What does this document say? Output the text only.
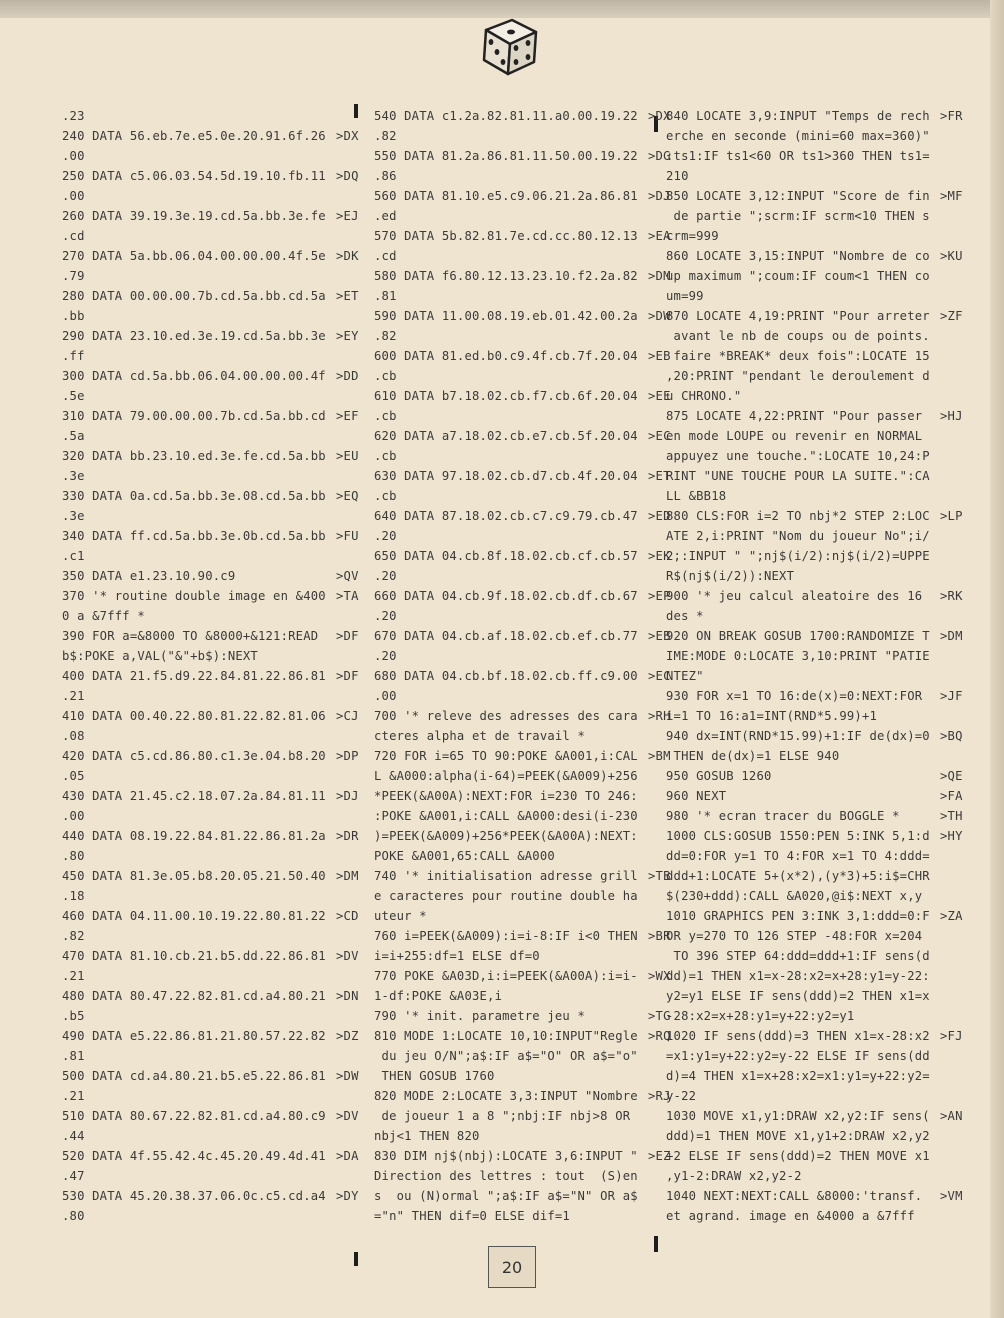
.23
240 DATA 56.eb.7e.e5.0e.20.91.6f.26 >DX
.00
250 DATA c5.06.03.54.5d.19.10.fb.11 >DQ
.00
260 DATA 39.19.3e.19.cd.5a.bb.3e.fe >EJ
.cd
270 DATA 5a.bb.06.04.00.00.00.4f.5e >DK
.79
280 DATA 00.00.00.7b.cd.5a.bb.cd.5a >ET
.bb
290 DATA 23.10.ed.3e.19.cd.5a.bb.3e >EY
.ff
300 DATA cd.5a.bb.06.04.00.00.00.4f >DD
.5e
310 DATA 79.00.00.00.7b.cd.5a.bb.cd >EF
.5a
320 DATA bb.23.10.ed.3e.fe.cd.5a.bb >EU
.3e
330 DATA 0a.cd.5a.bb.3e.08.cd.5a.bb >EQ
.3e
340 DATA ff.cd.5a.bb.3e.0b.cd.5a.bb >FU
.c1
350 DATA e1.23.10.90.c9	>QV
370 '* routine double image en &400 >TA
0 a &7fff *
390 FOR a=&8000 TO &8000+&121:READ >DF
b$:POKE a,VAL("&"+b$):NEXT
400 DATA 21.f5.d9.22.84.81.22.86.81 >DF
.21
410 DATA 00.40.22.80.81.22.82.81.06 >CJ
.08
420 DATA c5.cd.86.80.c1.3e.04.b8.20 >DP
.05
430 DATA 21.45.c2.18.07.2a.84.81.11 >DJ
.00
440 DATA 08.19.22.84.81.22.86.81.2a >DR
.80
450 DATA 81.3e.05.b8.20.05.21.50.40 >DM
.18
460 DATA 04.11.00.10.19.22.80.81.22 >CD
.82
470 DATA 81.10.cb.21.b5.dd.22.86.81 >DV
.21
480 DATA 80.47.22.82.81.cd.a4.80.21 >DN
.b5
490 DATA e5.22.86.81.21.80.57.22.82 >DZ
.81
500 DATA cd.a4.80.21.b5.e5.22.86.81 >DW
.21
510 DATA 80.67.22.82.81.cd.a4.80.c9 >DV
.44
520 DATA 4f.55.42.4c.45.20.49.4d.41 >DA
.47
530 DATA 45.20.38.37.06.0c.c5.cd.a4 >DY
.80
540 DATA c1.2a.82.81.11.a0.00.19.22 >DX
.82
550 DATA 81.2a.86.81.11.50.00.19.22 >DG
.86
560 DATA 81.10.e5.c9.06.21.2a.86.81 >DJ
.ed
570 DATA 5b.82.81.7e.cd.cc.80.12.13 >EA
.cd
580 DATA f6.80.12.13.23.10.f2.2a.82 >DM
.81
590 DATA 11.00.08.19.eb.01.42.00.2a >DW
.82
600 DATA 81.ed.b0.c9.4f.cb.7f.20.04 >EB
.cb
610 DATA b7.18.02.cb.f7.cb.6f.20.04 >EE
.cb
620 DATA a7.18.02.cb.e7.cb.5f.20.04 >EC
.cb
630 DATA 97.18.02.cb.d7.cb.4f.20.04 >ET
.cb
640 DATA 87.18.02.cb.c7.c9.79.cb.47 >ED
.20
650 DATA 04.cb.8f.18.02.cb.cf.cb.57 >EK
.20
660 DATA 04.cb.9f.18.02.cb.df.cb.67 >EP
.20
670 DATA 04.cb.af.18.02.cb.ef.cb.77 >EB
.20
680 DATA 04.cb.bf.18.02.cb.ff.c9.00 >EC
.00
700 '* releve des adresses des cara >RH
cteres alpha et de travail *
720 FOR i=65 TO 90:POKE &A001,i:CAL >BM
L &A000:alpha(i-64)=PEEK(&A009)+256
*PEEK(&A00A):NEXT:FOR i=230 TO 246:
:POKE &A001,i:CALL &A000:desi(i-230
)=PEEK(&A009)+256*PEEK(&A00A):NEXT:
POKE &A001,65:CALL &A000
740 '* initialisation adresse grill >TB
e caracteres pour routine double ha
uteur *
760 i=PEEK(&A009):i=i-8:IF i<0 THEN >BR
i=i+255:df=1 ELSE df=0
770 POKE &A03D,i:i=PEEK(&A00A):i=i- >WX
1-df:POKE &A03E,i
790 '* init. parametre jeu *	>TG
810 MODE 1:LOCATE 10,10:INPUT"Regle >RQ
du jeu O/N";a$:IF a$="O" OR a$="o"
THEN GOSUB 1760
820 MODE 2:LOCATE 3,3:INPUT "Nombre >RJ
de joueur 1 a 8 ";nbj:IF nbj>8 OR
nbj<1 THEN 820
830 DIM nj$(nbj):LOCATE 3,6:INPUT " >EZ
Direction des lettres : tout  (S)en
s  ou (N)ormal ";a$:IF a$="N" OR a$
="n" THEN dif=0 ELSE dif=1
840 LOCATE 3,9:INPUT "Temps de rech >FR
erche en seconde (mini=60 max=360)"
:ts1:IF ts1<60 OR ts1>360 THEN ts1=
210
850 LOCATE 3,12:INPUT "Score de fin >MF
de partie ";scrm:IF scrm<10 THEN s
crm=999
860 LOCATE 3,15:INPUT "Nombre de co >KU
up maximum ";coum:IF coum<1 THEN co
um=99
870 LOCATE 4,19:PRINT "Pour arreter >ZF
avant le nb de coups ou de points.
faire *BREAK* deux fois":LOCATE 15
,20:PRINT "pendant le deroulement d
u CHRONO."
875 LOCATE 4,22:PRINT "Pour passer >HJ
en mode LOUPE ou revenir en NORMAL
appuyez une touche.":LOCATE 10,24:P
RINT "UNE TOUCHE POUR LA SUITE.":CA
LL &BB18
880 CLS:FOR i=2 TO nbj*2 STEP 2:LOC >LP
ATE 2,i:PRINT "Nom du joueur No";i/
2;:INPUT " ";nj$(i/2):nj$(i/2)=UPPE
R$(nj$(i/2)):NEXT
900 '* jeu calcul aleatoire des 16 >RK
des *
920 ON BREAK GOSUB 1700:RANDOMIZE T >DM
IME:MODE 0:LOCATE 3,10:PRINT "PATIE
NTEZ"
930 FOR x=1 TO 16:de(x)=0:NEXT:FOR >JF
i=1 TO 16:a1=INT(RND*5.99)+1
940 dx=INT(RND*15.99)+1:IF de(dx)=0 >BQ
THEN de(dx)=1 ELSE 940
950 GOSUB 1260	>QE
960 NEXT	>FA
980 '* ecran tracer du BOGGLE *	>TH
1000 CLS:GOSUB 1550:PEN 5:INK 5,1:d >HY
dd=0:FOR y=1 TO 4:FOR x=1 TO 4:ddd=
ddd+1:LOCATE 5+(x*2),(y*3)+5:i$=CHR
$(230+ddd):CALL &A020,@i$:NEXT x,y
1010 GRAPHICS PEN 3:INK 3,1:ddd=0:F >ZA
OR y=270 TO 126 STEP -48:FOR x=204
TO 396 STEP 64:ddd=ddd+1:IF sens(d
dd)=1 THEN x1=x-28:x2=x+28:y1=y-22:
y2=y1 ELSE IF sens(ddd)=2 THEN x1=x
-28:x2=x+28:y1=y+22:y2=y1
1020 IF sens(ddd)=3 THEN x1=x-28:x2 >FJ
=x1:y1=y+22:y2=y-22 ELSE IF sens(dd
d)=4 THEN x1=x+28:x2=x1:y1=y+22:y2=
y-22
1030 MOVE x1,y1:DRAW x2,y2:IF sens( >AN
ddd)=1 THEN MOVE x1,y1+2:DRAW x2,y2
+2 ELSE IF sens(ddd)=2 THEN MOVE x1
,y1-2:DRAW x2,y2-2
1040 NEXT:NEXT:CALL &8000:'transf. >VM
et agrand. image en &4000 a &7fff
20
